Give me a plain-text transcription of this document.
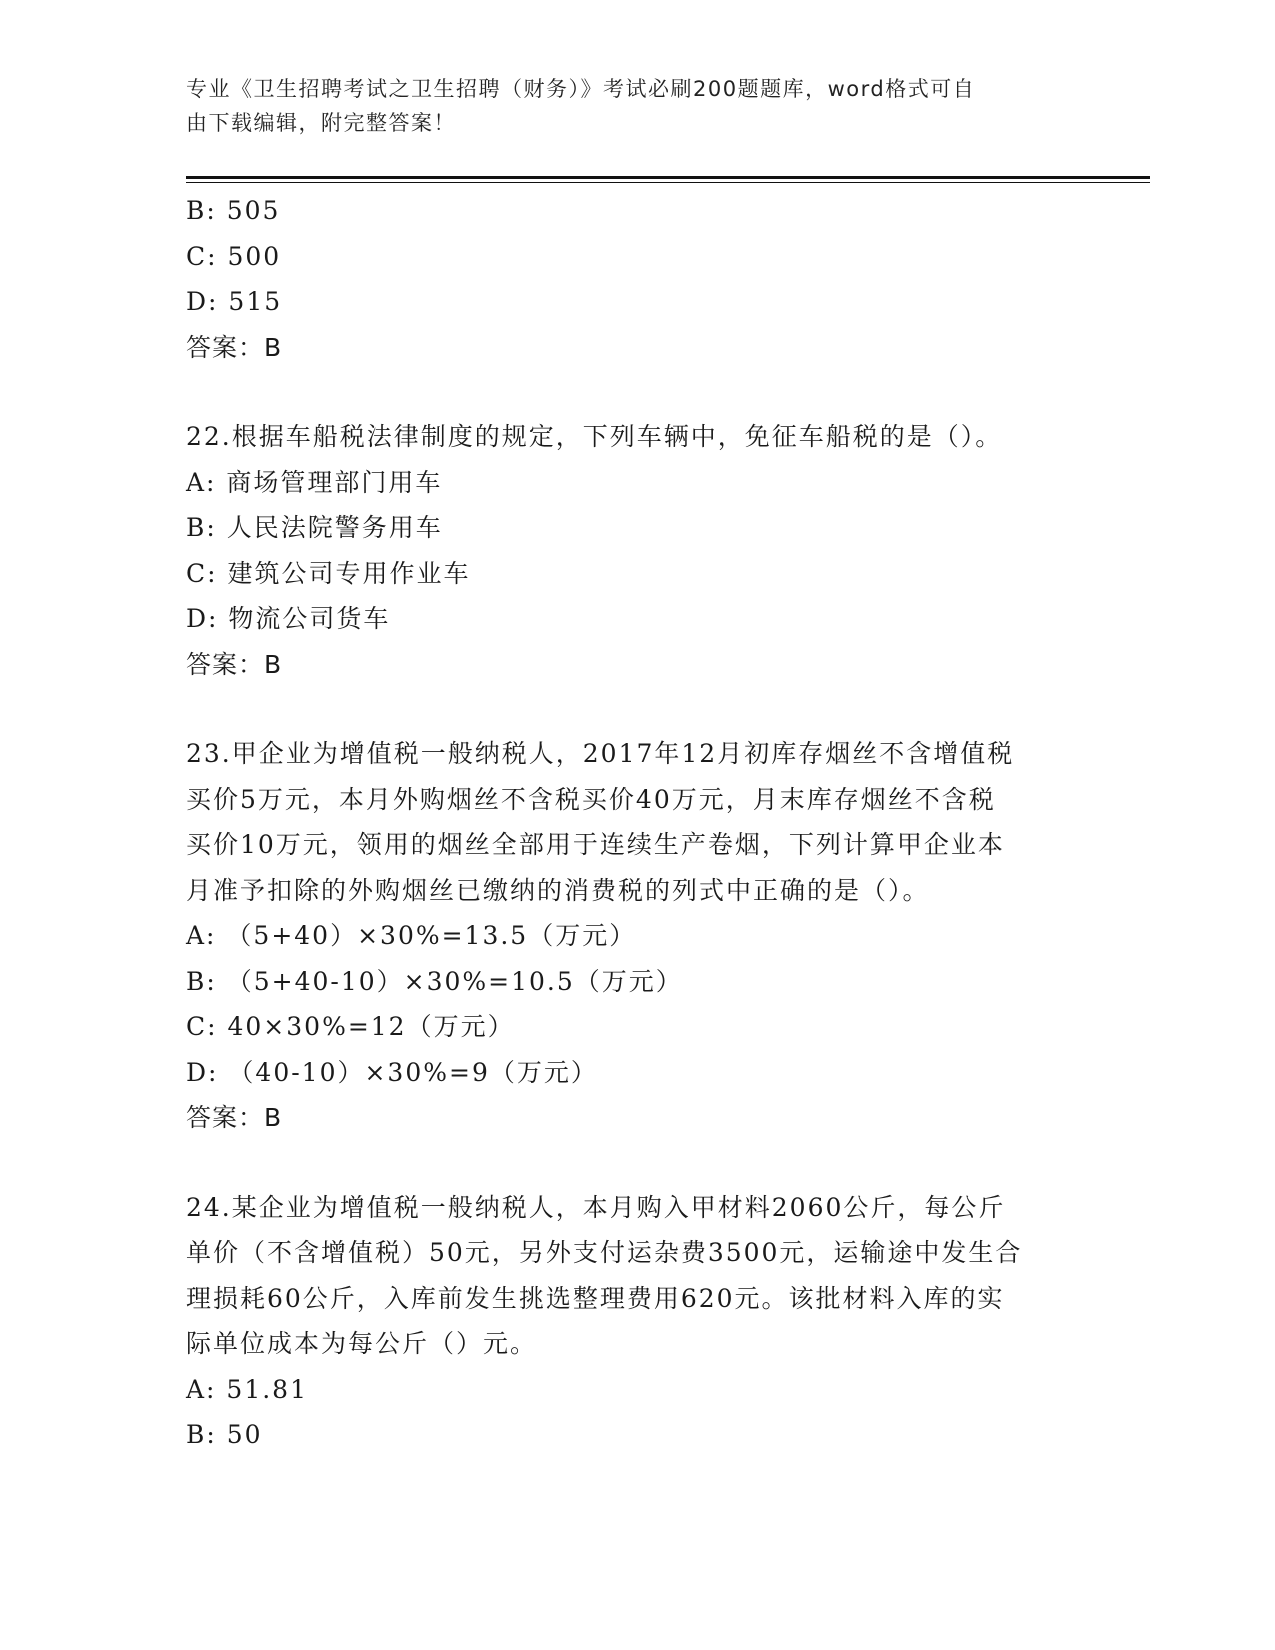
专业《卫生招聘考试之卫生招聘（财务）》考试必刷200题题库，word格式可自
由下载编辑，附完整答案！
B: 505
C: 500
D: 515
答案：B
22.根据车船税法律制度的规定，下列车辆中，免征车船税的是（）。
A: 商场管理部门用车
B: 人民法院警务用车
C: 建筑公司专用作业车
D: 物流公司货车
答案：B
23.甲企业为增值税一般纳税人，2017年12月初库存烟丝不含增值税
买价5万元，本月外购烟丝不含税买价40万元，月末库存烟丝不含税
买价10万元，领用的烟丝全部用于连续生产卷烟，下列计算甲企业本
月准予扣除的外购烟丝已缴纳的消费税的列式中正确的是（）。
A: （5+40）×30%=13.5（万元）
B: （5+40-10）×30%=10.5（万元）
C: 40×30%=12（万元）
D: （40-10）×30%=9（万元）
答案：B
24.某企业为增值税一般纳税人，本月购入甲材料2060公斤，每公斤
单价（不含增值税）50元，另外支付运杂费3500元，运输途中发生合
理损耗60公斤，入库前发生挑选整理费用620元。该批材料入库的实
际单位成本为每公斤（）元。
A: 51.81
B: 50
